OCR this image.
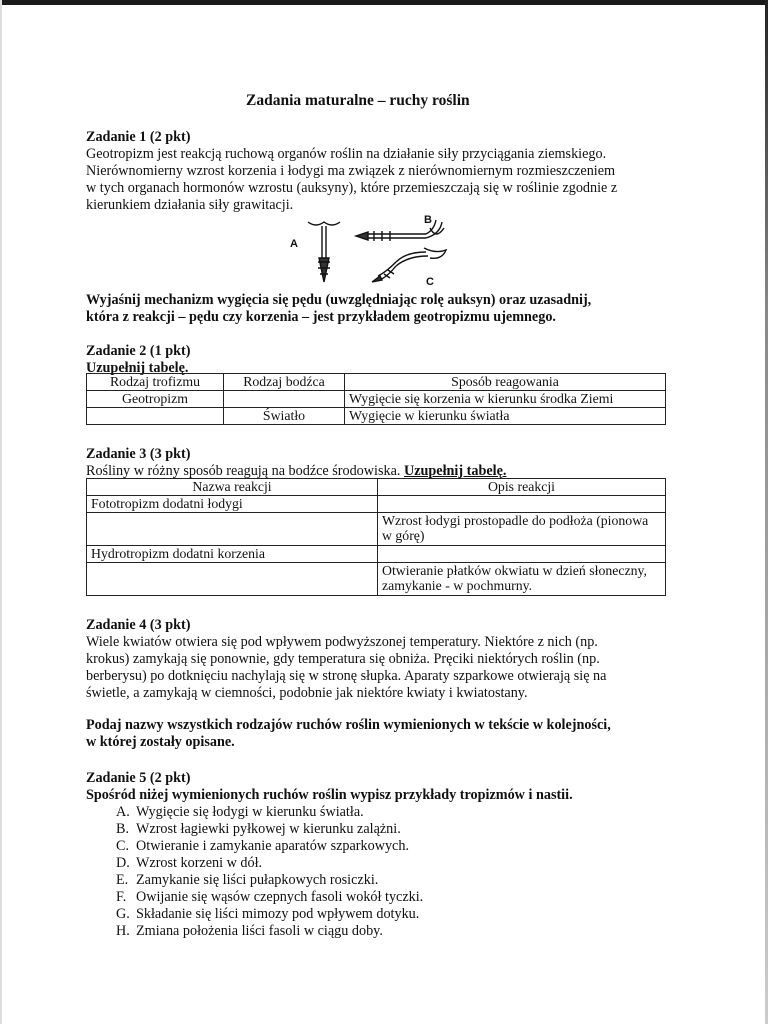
Zadania maturalne – ruchy roślin
Zadanie 1 (2 pkt)
Geotropizm jest reakcją ruchową organów roślin na działanie siły przyciągania ziemskiego.
Nierównomierny wzrost korzenia i łodygi ma związek z nierównomiernym rozmieszczeniem
w tych organach hormonów wzrostu (auksyny), które przemieszczają się w roślinie zgodnie z
kierunkiem działania siły grawitacji.
A
B
C
Wyjaśnij mechanizm wygięcia się pędu (uwzględniając rolę auksyn) oraz uzasadnij,
która z reakcji – pędu czy korzenia – jest przykładem geotropizmu ujemnego.
Zadanie 2 (1 pkt)
Uzupełnij tabelę.
Rodzaj trofizmu	Rodzaj bodźca	Sposób reagowania
Geotropizm		Wygięcie się korzenia w kierunku środka Ziemi
	Światło	Wygięcie w kierunku światła
Zadanie 3 (3 pkt)
Rośliny w różny sposób reagują na bodźce środowiska. Uzupełnij tabelę.
Nazwa reakcji	Opis reakcji
Fototropizm dodatni łodygi	
	Wzrost łodygi prostopadle do podłoża (pionowa w górę)
Hydrotropizm dodatni korzenia	
	Otwieranie płatków okwiatu w dzień słoneczny, zamykanie - w pochmurny.
Zadanie 4 (3 pkt)
Wiele kwiatów otwiera się pod wpływem podwyższonej temperatury. Niektóre z nich (np.
krokus) zamykają się ponownie, gdy temperatura się obniża. Pręciki niektórych roślin (np.
berberysu) po dotknięciu nachylają się w stronę słupka. Aparaty szparkowe otwierają się na
świetle, a zamykają w ciemności, podobnie jak niektóre kwiaty i kwiatostany.
Podaj nazwy wszystkich rodzajów ruchów roślin wymienionych w tekście w kolejności,
w której zostały opisane.
Zadanie 5 (2 pkt)
Spośród niżej wymienionych ruchów roślin wypisz przykłady tropizmów i nastii.
A. Wygięcie się łodygi w kierunku światła.
B. Wzrost łagiewki pyłkowej w kierunku zalążni.
C. Otwieranie i zamykanie aparatów szparkowych.
D. Wzrost korzeni w dół.
E. Zamykanie się liści pułapkowych rosiczki.
F. Owijanie się wąsów czepnych fasoli wokół tyczki.
G. Składanie się liści mimozy pod wpływem dotyku.
H. Zmiana położenia liści fasoli w ciągu doby.
